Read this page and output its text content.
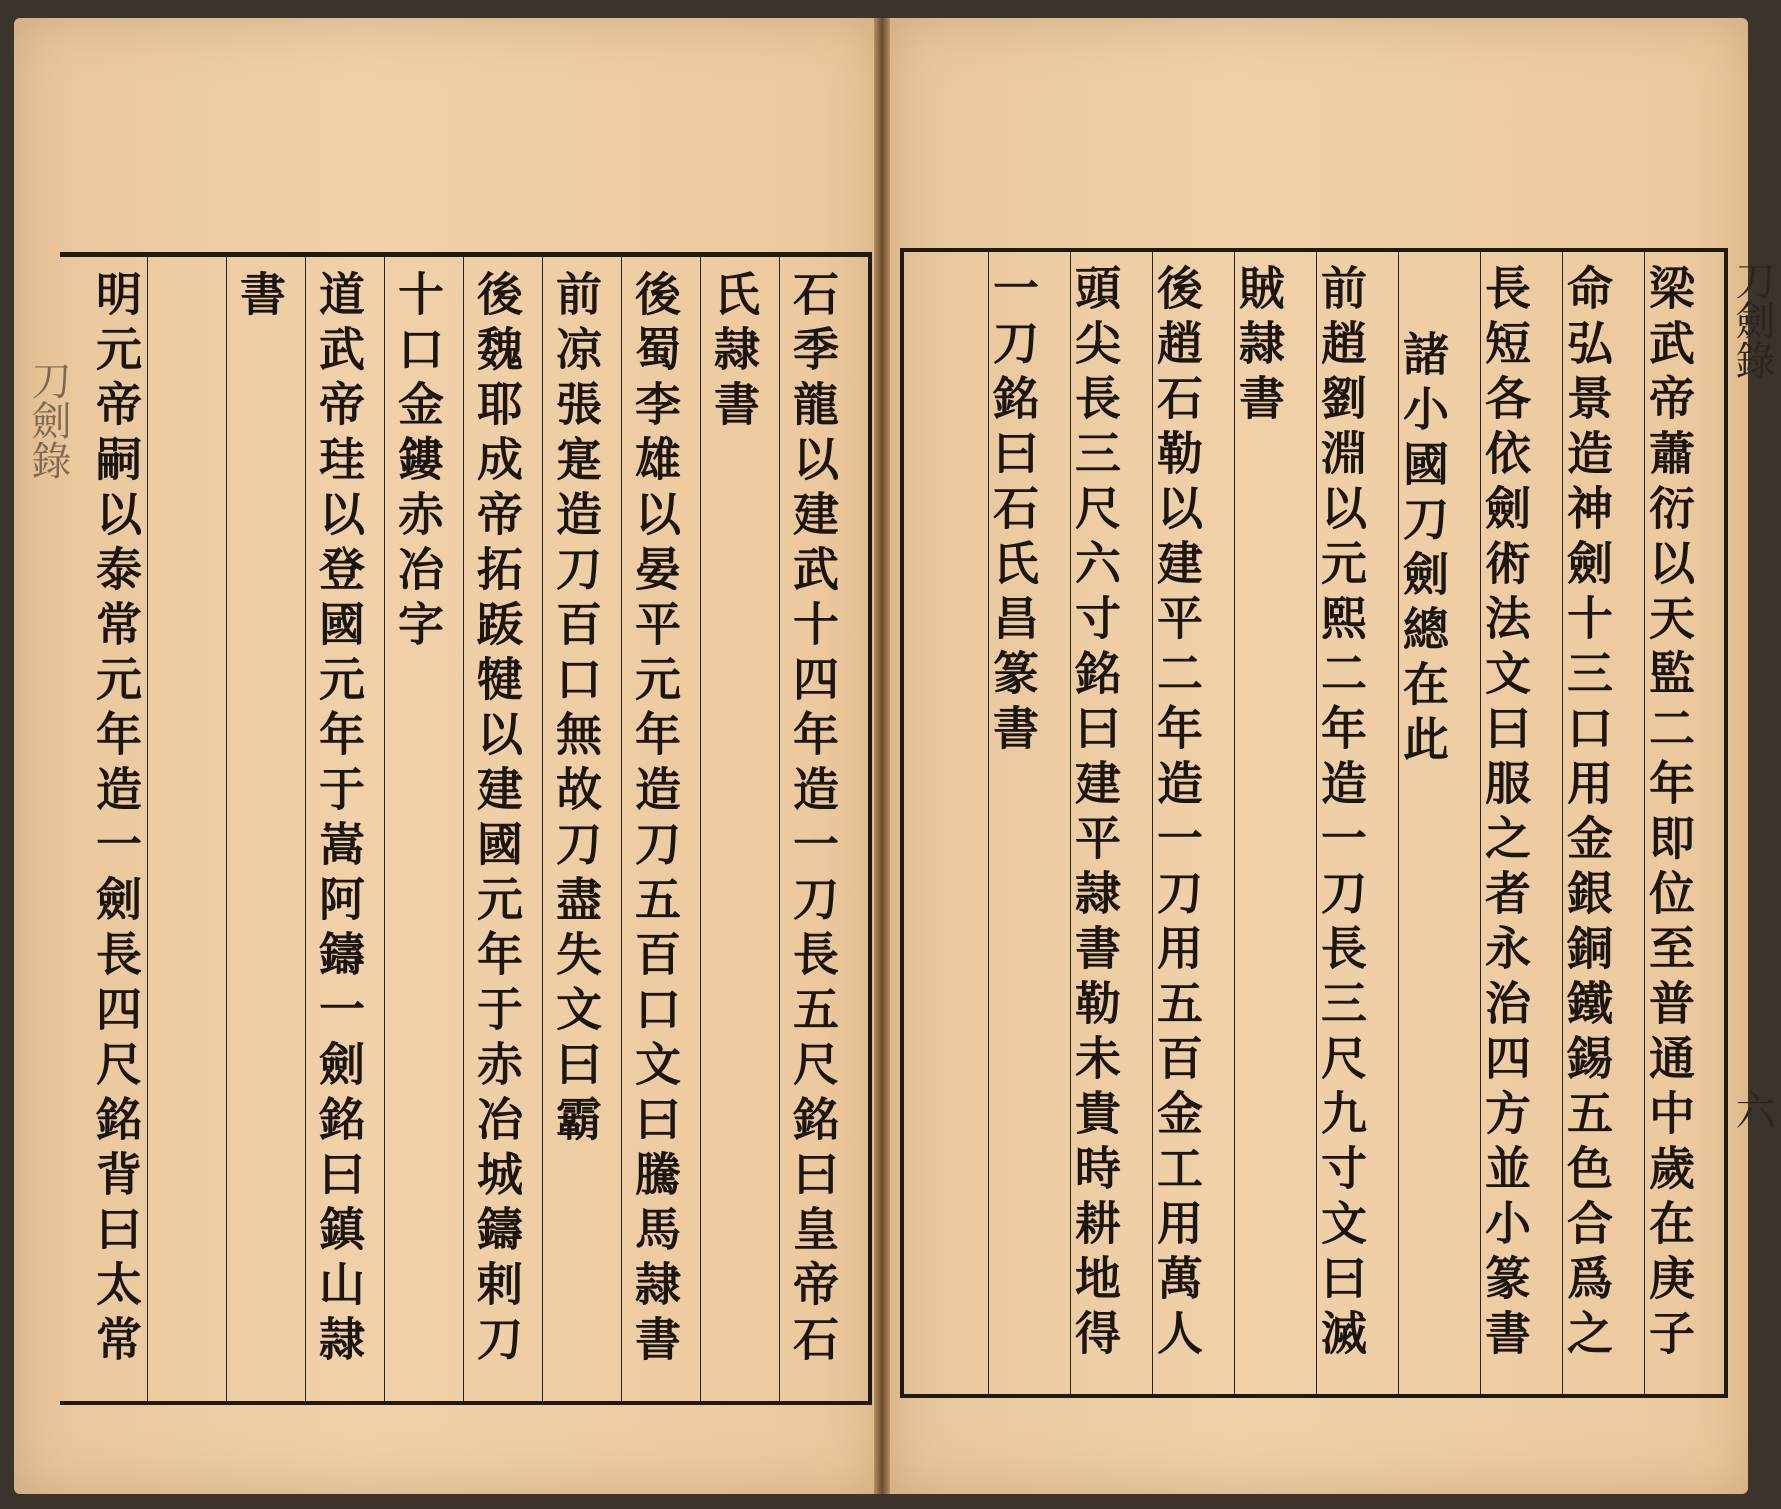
石季龍以建武十四年造一刀長五尺銘曰皇帝石
氏隷書
後蜀李雄以晏平元年造刀五百口文曰騰馬隷書
前凉張寔造刀百口無故刀盡失文曰霸
後魏耶成帝拓䟦犍以建國元年于赤冶城鑄剌刀
十口金鏤赤冶字
道武帝珪以登國元年于嵩阿鑄一劍銘曰鎮山隷
書
明元帝嗣以泰常元年造一劍長四尺銘背曰太常	梁武帝蕭衍以天監二年即位至普通中歲在庚子
命弘景造神劍十三口用金銀銅鐵錫五色合爲之
長短各依劍術法文曰服之者永治四方並小篆書
諸小國刀劍總在此
前趙劉淵以元熙二年造一刀長三尺九寸文曰滅
賊隷書
後趙石勒以建平二年造一刀用五百金工用萬人
頭尖長三尺六寸銘曰建平隷書勒未貴時耕地得
一刀銘曰石氏昌篆書	刀劍錄
六
刀劍錄
